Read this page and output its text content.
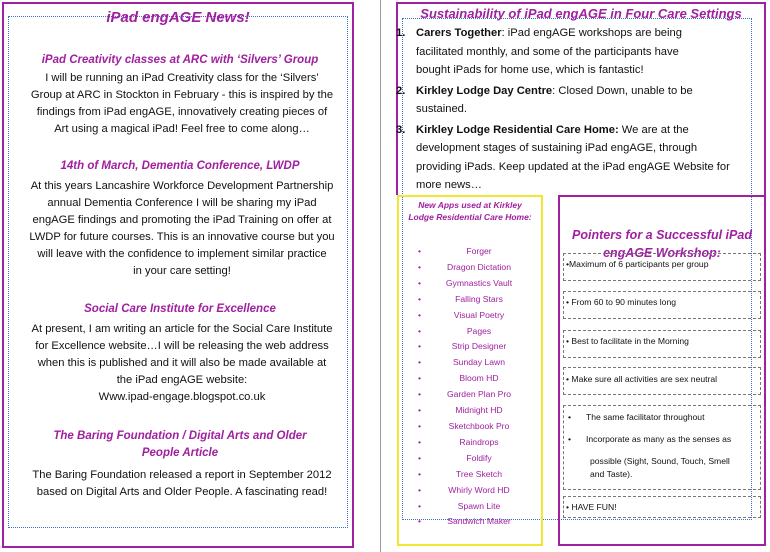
iPad engAGE News!
iPad Creativity classes at ARC with ‘Silvers’ Group
I will be running an iPad Creativity class for the ‘Silvers’
Group at ARC in Stockton in February - this is inspired by the
findings from iPad engAGE, innovatively creating pieces of
Art using a magical iPad! Feel free to come along…
14th of March, Dementia Conference, LWDP
At this years Lancashire Workforce Development Partnership
annual Dementia Conference I will be sharing my iPad
engAGE findings and promoting the iPad Training on offer at
LWDP for future courses. This is an innovative course but you
will leave with the confidence to implement similar practice
in your care setting!
Social Care Institute for Excellence
At present, I am writing an article for the Social Care Institute
for Excellence website…I will be releasing the web address
when this is published and it will also be made available at
the iPad engAGE website:
Www.ipad-engage.blogspot.co.uk
The Baring Foundation / Digital Arts and Older
People Article
The Baring Foundation released a report in September 2012
based on Digital Arts and Older People. A fascinating read!
Sustainability of iPad engAGE in Four Care Settings
1. Carers Together: iPad engAGE workshops are being
facilitated monthly, and some of the participants have
bought iPads for home use, which is fantastic!
2. Kirkley Lodge Day Centre: Closed Down, unable to be
sustained.
3. Kirkley Lodge Residential Care Home: We are at the
development stages of sustaining iPad engAGE, through
providing iPads. Keep updated at the iPad engAGE Website for
more news…
New Apps used at Kirkley
Lodge Residential Care Home:
• Forger
• Dragon Dictation
• Gymnastics Vault
• Falling Stars
• Visual Poetry
• Pages
• Strip Designer
• Sunday Lawn
• Bloom HD
• Garden Plan Pro
• Midnight HD
• Sketchbook Pro
• Raindrops
• Foldify
• Tree Sketch
• Whirly Word HD
• Spawn Lite
• Sandwich Maker
Pointers for a Successful iPad
engAGE Workshop:
•Maximum of 6 participants per group
• From 60 to 90 minutes long
• Best to facilitate in the Morning
• Make sure all activities are sex neutral
• The same facilitator throughout
• Incorporate as many as the senses as
possible (Sight, Sound, Touch, Smell
and Taste).
• HAVE FUN!
